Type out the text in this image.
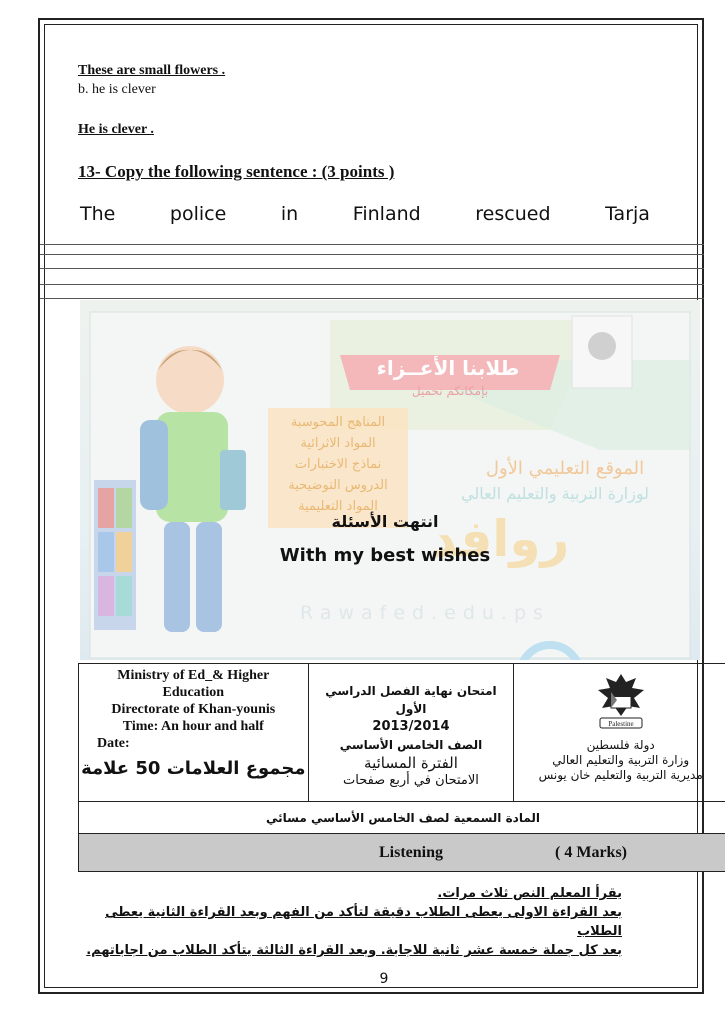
These are small flowers .
b. he is clever
He is clever .
13- Copy the following sentence : (3 points )
The	police	in	Finland	rescued	Tarja
طلابنا الأعــزاء
بإمكانكم تحميل
المناهج المحوسبة
المواد الاثرائية
نماذج الاختبارات
الدروس التوضيحية
المواد التعليمية
الموقع التعليمي الأول
لوزارة التربية والتعليم العالي
روافد
Rawafed.edu.ps
انتهت الأسئلة
With my best wishes
Ministry of Ed_& Higher
Education
Directorate of Khan-younis
Time: An hour and half
Date:
مجموع العلامات 50 علامة

امتحان نهاية الفصل الدراسي الأول
2013/2014
الصف الخامس الأساسي
الفترة المسائية
الامتحان في أربع صفحات

Palestine
دولة فلسطين
وزارة التربية والتعليم العالي
مديرية التربية والتعليم خان يونس

المادة السمعية لصف الخامس الأساسي مسائي
Listening	( 4 Marks)
يقرأ المعلم النص ثلاث مرات.
بعد القراءة الاولى يعطى الطلاب دقيقة لتأكد من الفهم وبعد القراءة الثانية يعطى الطلاب
بعد كل جملة خمسة عشر ثانية للاجابة. وبعد القراءة الثالثة يتأكد الطلاب من اجاباتهم.
9
